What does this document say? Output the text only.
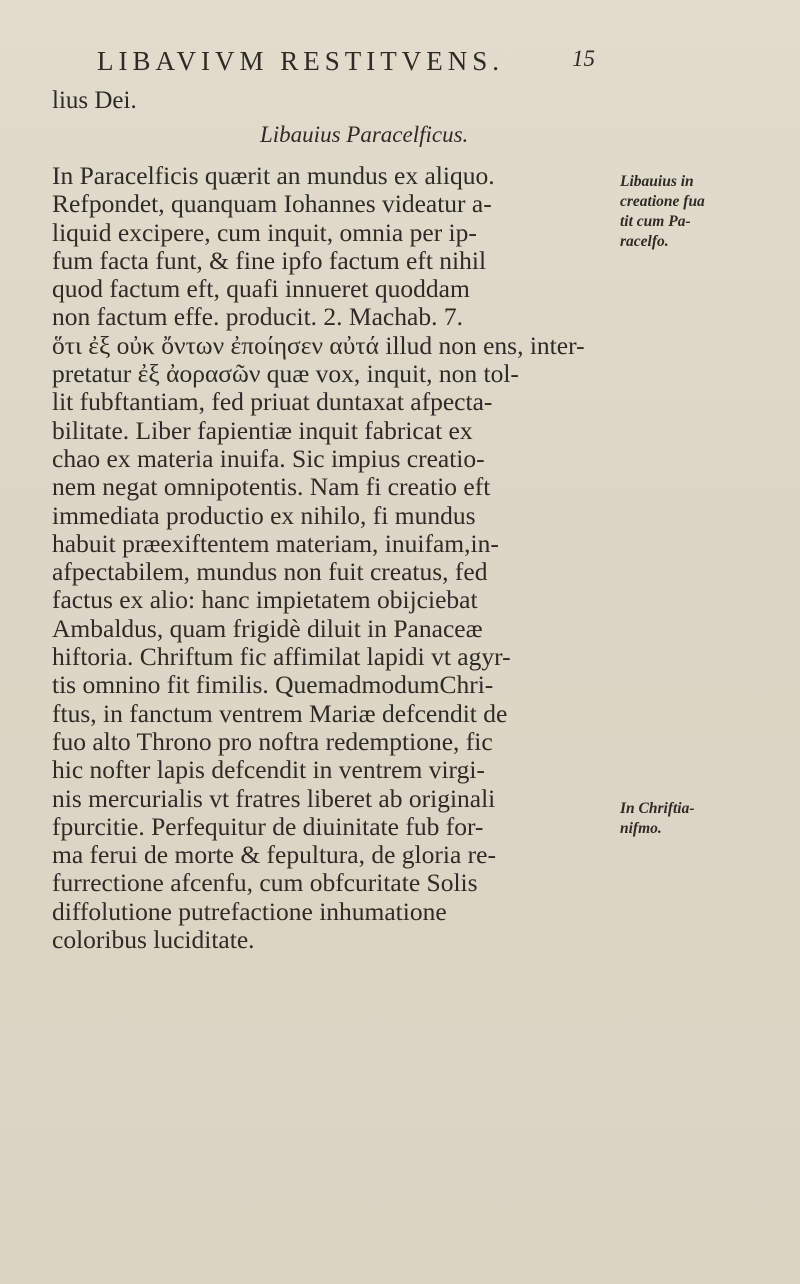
LIBAVIVM RESTITVENS.	15
lius Dei.
Libauius Paracelficus.
In Paracelficis quærit an mundus ex aliquo.
Refpondet, quanquam Iohannes videatur a-
liquid excipere, cum inquit, omnia per ip-
fum facta funt, & fine ipfo factum eft nihil
quod factum eft, quafi innueret quoddam
non factum effe. producit. 2. Machab. 7.
ὅτι ἐξ οὐκ ὄντων ἐποίησεν αὐτά illud non ens, inter-
pretatur ἐξ ἀορασῶν quæ vox, inquit, non tol-
lit fubftantiam, fed priuat duntaxat afpecta-
bilitate. Liber fapientiæ inquit fabricat ex
chao ex materia inuifa. Sic impius creatio-
nem negat omnipotentis. Nam fi creatio eft
immediata productio ex nihilo, fi mundus
habuit præexiftentem materiam, inuifam,in-
afpectabilem, mundus non fuit creatus, fed
factus ex alio: hanc impietatem obijciebat
Ambaldus, quam frigidè diluit in Panaceæ
hiftoria. Chriftum fic affimilat lapidi vt agyr-
tis omnino fit fimilis. QuemadmodumChri-
ftus, in fanctum ventrem Mariæ defcendit de
fuo alto Throno pro noftra redemptione, fic
hic nofter lapis defcendit in ventrem virgi-
nis mercurialis vt fratres liberet ab originali
fpurcitie. Perfequitur de diuinitate fub for-
ma ferui de morte & fepultura, de gloria re-
furrectione afcenfu, cum obfcuritate Solis
diffolutione putrefactione inhumatione
coloribus luciditate.
Libauius in
creatione fua
tit cum Pa-
racelfo.
In Chriftia-
nifmo.
